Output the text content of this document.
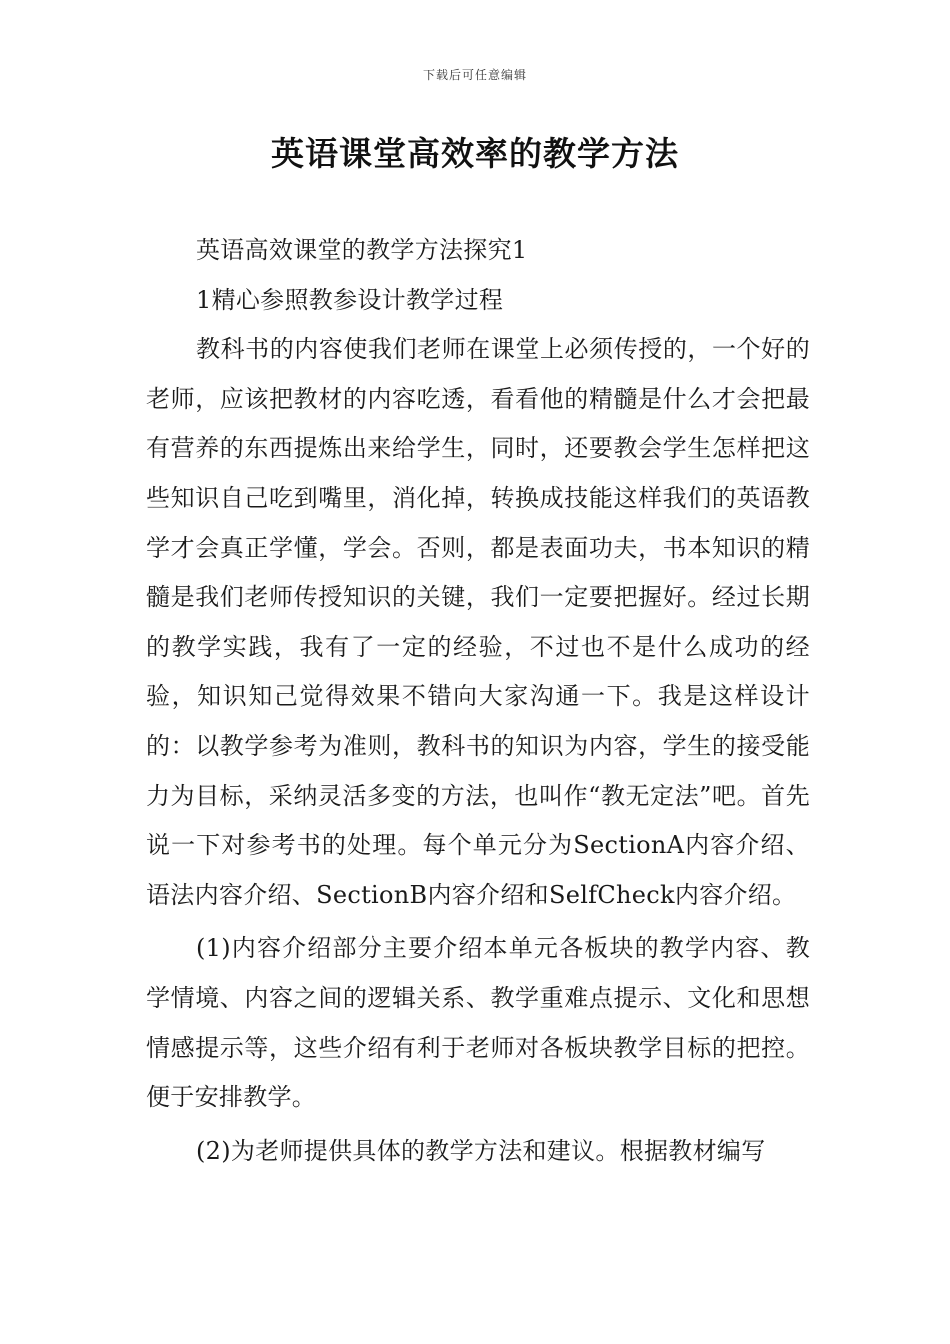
下载后可任意编辑
英语课堂高效率的教学方法

英语高效课堂的教学方法探究1

1精心参照教参设计教学过程

教科书的内容使我们老师在课堂上必须传授的，一个好的老师，应该把教材的内容吃透，看看他的精髓是什么才会把最有营养的东西提炼出来给学生，同时，还要教会学生怎样把这些知识自己吃到嘴里，消化掉，转换成技能这样我们的英语教学才会真正学懂，学会。否则，都是表面功夫，书本知识的精髓是我们老师传授知识的关键，我们一定要把握好。经过长期的教学实践，我有了一定的经验，不过也不是什么成功的经验，知识知己觉得效果不错向大家沟通一下。我是这样设计的：以教学参考为准则，教科书的知识为内容，学生的接受能力为目标，采纳灵活多变的方法，也叫作“教无定法”吧。首先说一下对参考书的处理。每个单元分为SectionA内容介绍、语法内容介绍、SectionB内容介绍和SelfCheck内容介绍。

(1)内容介绍部分主要介绍本单元各板块的教学内容、教学情境、内容之间的逻辑关系、教学重难点提示、文化和思想情感提示等，这些介绍有利于老师对各板块教学目标的把控。便于安排教学。

(2)为老师提供具体的教学方法和建议。根据教材编写
